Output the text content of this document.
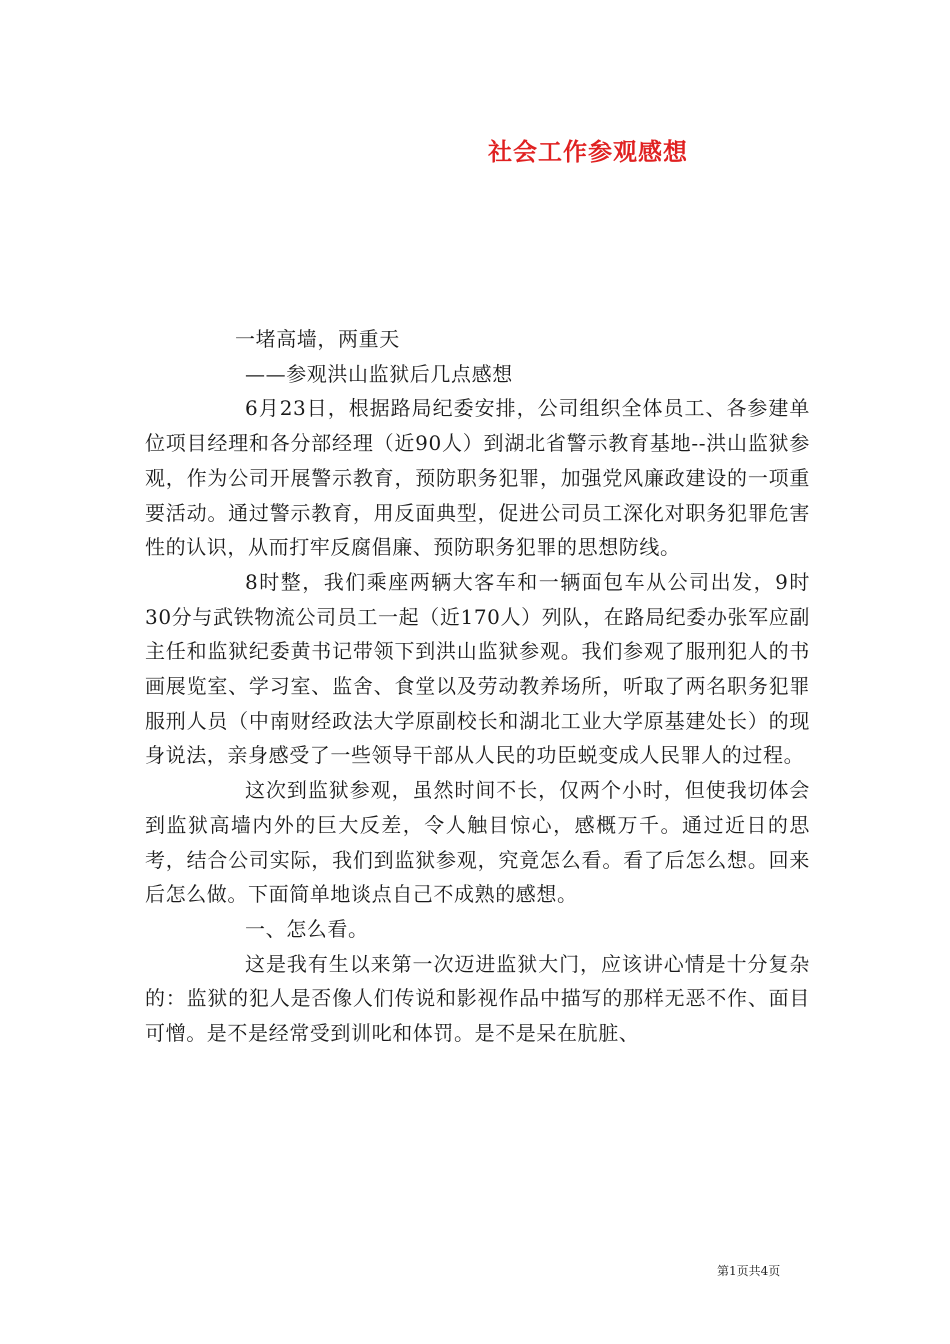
社会工作参观感想

一堵高墙，两重天

——参观洪山监狱后几点感想

6月23日，根据路局纪委安排，公司组织全体员工、各参建单位项目经理和各分部经理（近90人）到湖北省警示教育基地--洪山监狱参观，作为公司开展警示教育，预防职务犯罪，加强党风廉政建设的一项重要活动。通过警示教育，用反面典型，促进公司员工深化对职务犯罪危害性的认识，从而打牢反腐倡廉、预防职务犯罪的思想防线。

8时整，我们乘座两辆大客车和一辆面包车从公司出发，9时30分与武铁物流公司员工一起（近170人）列队，在路局纪委办张军应副主任和监狱纪委黄书记带领下到洪山监狱参观。我们参观了服刑犯人的书画展览室、学习室、监舍、食堂以及劳动教养场所，听取了两名职务犯罪服刑人员（中南财经政法大学原副校长和湖北工业大学原基建处长）的现身说法，亲身感受了一些领导干部从人民的功臣蜕变成人民罪人的过程。

这次到监狱参观，虽然时间不长，仅两个小时，但使我切体会到监狱高墙内外的巨大反差，令人触目惊心，感概万千。通过近日的思考，结合公司实际，我们到监狱参观，究竟怎么看。看了后怎么想。回来后怎么做。下面简单地谈点自己不成熟的感想。

一、怎么看。

这是我有生以来第一次迈进监狱大门，应该讲心情是十分复杂的：监狱的犯人是否像人们传说和影视作品中描写的那样无恶不作、面目可憎。是不是经常受到训叱和体罚。是不是呆在肮脏、

第1页共4页
